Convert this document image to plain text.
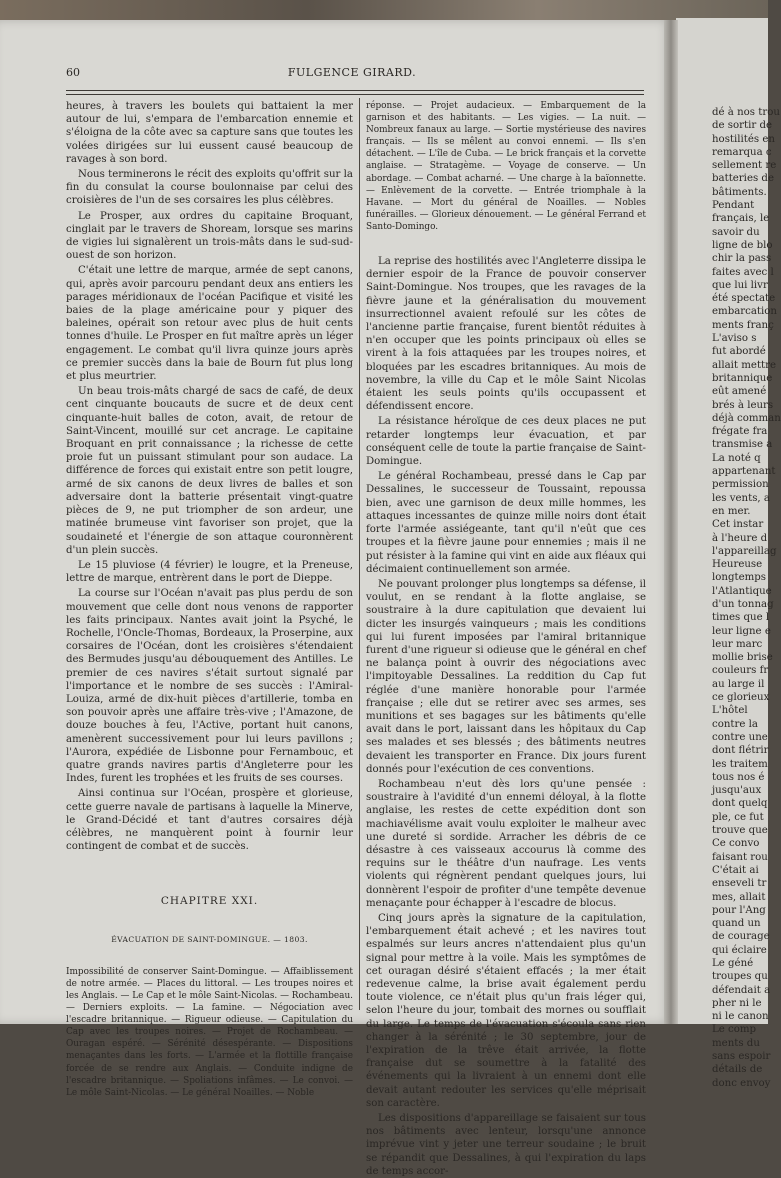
dé à nos trou
de sortir de
hostilités en
remarqua c
sellement re
batteries de
bâtiments.
Pendant
français, le
savoir du
ligne de blo
chir la pass
faites avec l
que lui livr
été spectate
embarcation
ments franç
L'aviso s
fut abordé
allait mettre
britannique
eût amené
brés à leurs
déjà comman
frégate fra
transmise a
La noté q
appartenant
permission
les vents, a
en mer.
Cet instar
à l'heure d
l'appareillag
Heureuse
longtemps
l'Atlantique
d'un tonnag
times que l
leur ligne e
leur marc
mollie brise
couleurs fr
au large il
ce glorieux
L'hôtel
contre la
contre une
dont flétrir
les traitem
tous nos é
jusqu'aux
dont quelq
ple, ce fut
trouve que
Ce convo
faisant rou
C'était ai
enseveli tr
mes, allait
pour l'Ang
quand un
de courage
qui éclaire
Le géné
troupes qu
défendait a
pher ni le
ni le canon
Le comp
ments du
sans espoir
détails de
donc envoy
60	FULGENCE GIRARD.

heures, à travers les boulets qui battaient la mer autour de lui, s'empara de l'embarcation ennemie et s'éloigna de la côte avec sa capture sans que toutes les volées dirigées sur lui eussent causé beaucoup de ravages à son bord.

Nous terminerons le récit des exploits qu'offrit sur la fin du consulat la course boulonnaise par celui des croisières de l'un de ses corsaires les plus célèbres.

Le Prosper, aux ordres du capitaine Broquant, cinglait par le travers de Shoream, lorsque ses marins de vigies lui signalèrent un trois-mâts dans le sud-sud-ouest de son horizon.

C'était une lettre de marque, armée de sept canons, qui, après avoir parcouru pendant deux ans entiers les parages méridionaux de l'océan Pacifique et visité les baies de la plage américaine pour y piquer des baleines, opérait son retour avec plus de huit cents tonnes d'huile. Le Prosper en fut maître après un léger engagement. Le combat qu'il livra quinze jours après ce premier succès dans la baie de Bourn fut plus long et plus meurtrier.

Un beau trois-mâts chargé de sacs de café, de deux cent cinquante boucauts de sucre et de deux cent cinquante-huit balles de coton, avait, de retour de Saint-Vincent, mouillé sur cet ancrage. Le capitaine Broquant en prit connaissance ; la richesse de cette proie fut un puissant stimulant pour son audace. La différence de forces qui existait entre son petit lougre, armé de six canons de deux livres de balles et son adversaire dont la batterie présentait vingt-quatre pièces de 9, ne put triompher de son ardeur, une matinée brumeuse vint favoriser son projet, que la soudaineté et l'énergie de son attaque couronnèrent d'un plein succès.

Le 15 pluviose (4 février) le lougre, et la Preneuse, lettre de marque, entrèrent dans le port de Dieppe.

La course sur l'Océan n'avait pas plus perdu de son mouvement que celle dont nous venons de rapporter les faits principaux. Nantes avait joint la Psyché, le Rochelle, l'Oncle-Thomas, Bordeaux, la Proserpine, aux corsaires de l'Océan, dont les croisières s'étendaient des Bermudes jusqu'au débouquement des Antilles. Le premier de ces navires s'était surtout signalé par l'importance et le nombre de ses succès : l'Amiral-Louiza, armé de dix-huit pièces d'artillerie, tomba en son pouvoir après une affaire très-vive ; l'Amazone, de douze bouches à feu, l'Active, portant huit canons, amenèrent successivement pour lui leurs pavillons ; l'Aurora, expédiée de Lisbonne pour Fernambouc, et quatre grands navires partis d'Angleterre pour les Indes, furent les trophées et les fruits de ses courses.

Ainsi continua sur l'Océan, prospère et glorieuse, cette guerre navale de partisans à laquelle la Minerve, le Grand-Décidé et tant d'autres corsaires déjà célèbres, ne manquèrent point à fournir leur contingent de combat et de succès.

CHAPITRE XXI.
ÉVACUATION DE SAINT-DOMINGUE. — 1803.

Impossibilité de conserver Saint-Domingue. — Affaiblissement de notre armée. — Places du littoral. — Les troupes noires et les Anglais. — Le Cap et le môle Saint-Nicolas. — Rochambeau. — Derniers exploits. — La famine. — Négociation avec l'escadre britannique. — Rigueur odieuse. — Capitulation du Cap avec les troupes noires. — Projet de Rochambeau. — Ouragan espéré. — Sérénité désespérante. — Dispositions menaçantes dans les forts. — L'armée et la flottille française forcée de se rendre aux Anglais. — Conduite indigne de l'escadre britannique. — Spoliations infâmes. — Le convoi. — Le môle Saint-Nicolas. — Le général Noailles. — Noble

réponse. — Projet audacieux. — Embarquement de la garnison et des habitants. — Les vigies. — La nuit. — Nombreux fanaux au large. — Sortie mystérieuse des navires français. — Ils se mêlent au convoi ennemi. — Ils s'en détachent. — L'île de Cuba. — Le brick français et la corvette anglaise. — Stratagème. — Voyage de conserve. — Un abordage. — Combat acharné. — Une charge à la baïonnette. — Enlèvement de la corvette. — Entrée triomphale à la Havane. — Mort du général de Noailles. — Nobles funérailles. — Glorieux dénouement. — Le général Ferrand et Santo-Domingo.

La reprise des hostilités avec l'Angleterre dissipa le dernier espoir de la France de pouvoir conserver Saint-Domingue. Nos troupes, que les ravages de la fièvre jaune et la généralisation du mouvement insurrectionnel avaient refoulé sur les côtes de l'ancienne partie française, furent bientôt réduites à n'en occuper que les points principaux où elles se virent à la fois attaquées par les troupes noires, et bloquées par les escadres britanniques. Au mois de novembre, la ville du Cap et le môle Saint Nicolas étaient les seuls points qu'ils occupassent et défendissent encore.

La résistance héroïque de ces deux places ne put retarder longtemps leur évacuation, et par conséquent celle de toute la partie française de Saint-Domingue.

Le général Rochambeau, pressé dans le Cap par Dessalines, le successeur de Toussaint, repoussa bien, avec une garnison de deux mille hommes, les attaques incessantes de quinze mille noirs dont était forte l'armée assiégeante, tant qu'il n'eût que ces troupes et la fièvre jaune pour ennemies ; mais il ne put résister à la famine qui vint en aide aux fléaux qui décimaient continuellement son armée.

Ne pouvant prolonger plus longtemps sa défense, il voulut, en se rendant à la flotte anglaise, se soustraire à la dure capitulation que devaient lui dicter les insurgés vainqueurs ; mais les conditions qui lui furent imposées par l'amiral britannique furent d'une rigueur si odieuse que le général en chef ne balança point à ouvrir des négociations avec l'impitoyable Dessalines. La reddition du Cap fut réglée d'une manière honorable pour l'armée française ; elle dut se retirer avec ses armes, ses munitions et ses bagages sur les bâtiments qu'elle avait dans le port, laissant dans les hôpitaux du Cap ses malades et ses blessés ; des bâtiments neutres devaient les transporter en France. Dix jours furent donnés pour l'exécution de ces conventions.

Rochambeau n'eut dès lors qu'une pensée : soustraire à l'avidité d'un ennemi déloyal, à la flotte anglaise, les restes de cette expédition dont son machiavélisme avait voulu exploiter le malheur avec une dureté si sordide. Arracher les débris de ce désastre à ces vaisseaux accourus là comme des requins sur le théâtre d'un naufrage. Les vents violents qui régnèrent pendant quelques jours, lui donnèrent l'espoir de profiter d'une tempête devenue menaçante pour échapper à l'escadre de blocus.

Cinq jours après la signature de la capitulation, l'embarquement était achevé ; et les navires tout espalmés sur leurs ancres n'attendaient plus qu'un signal pour mettre à la voile. Mais les symptômes de cet ouragan désiré s'étaient effacés ; la mer était redevenue calme, la brise avait également perdu toute violence, ce n'était plus qu'un frais léger qui, selon l'heure du jour, tombait des mornes ou soufflait du large. Le temps de l'évacuation s'écoula sans rien changer à la sérénité ; le 30 septembre, jour de l'expiration de la trêve était arrivée, la flotte française dut se soumettre à la fatalité des événements qui la livraient à un ennemi dont elle devait autant redouter les services qu'elle méprisait son caractère.

Les dispositions d'appareillage se faisaient sur tous nos bâtiments avec lenteur, lorsqu'une annonce imprévue vint y jeter une terreur soudaine ; le bruit se répandit que Dessalines, à qui l'expiration du laps de temps accor-
